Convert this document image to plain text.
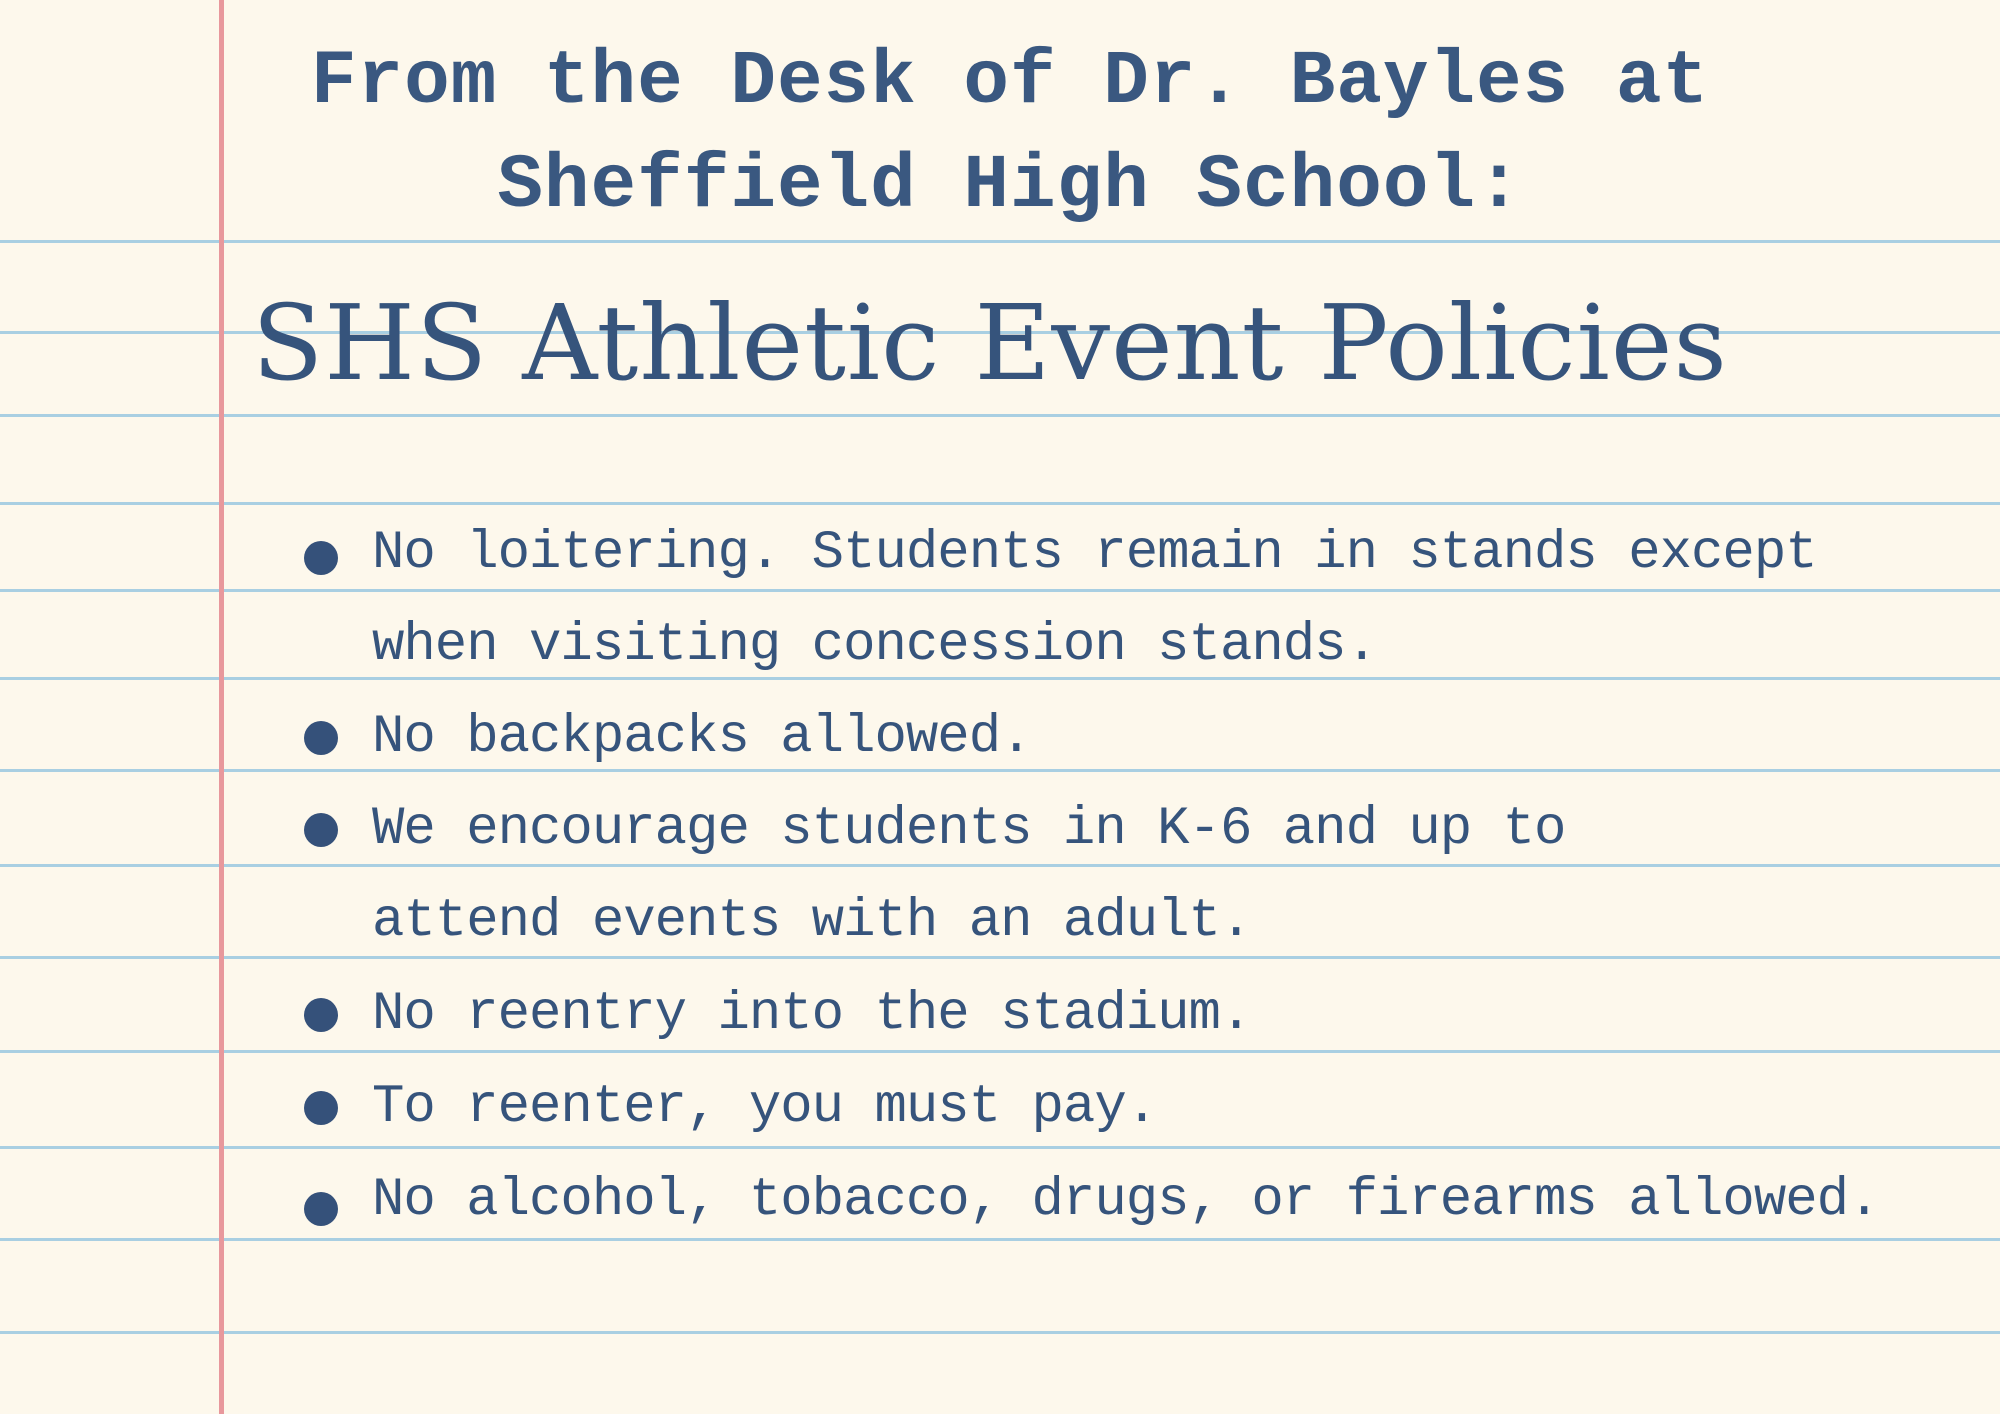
From the Desk of Dr. Bayles at
Sheffield High School:
SHS Athletic Event Policies
No loitering. Students remain in stands except
when visiting concession stands.
No backpacks allowed.
We encourage students in K-6 and up to
attend events with an adult.
No reentry into the stadium.
To reenter, you must pay.
No alcohol, tobacco, drugs, or firearms allowed.
